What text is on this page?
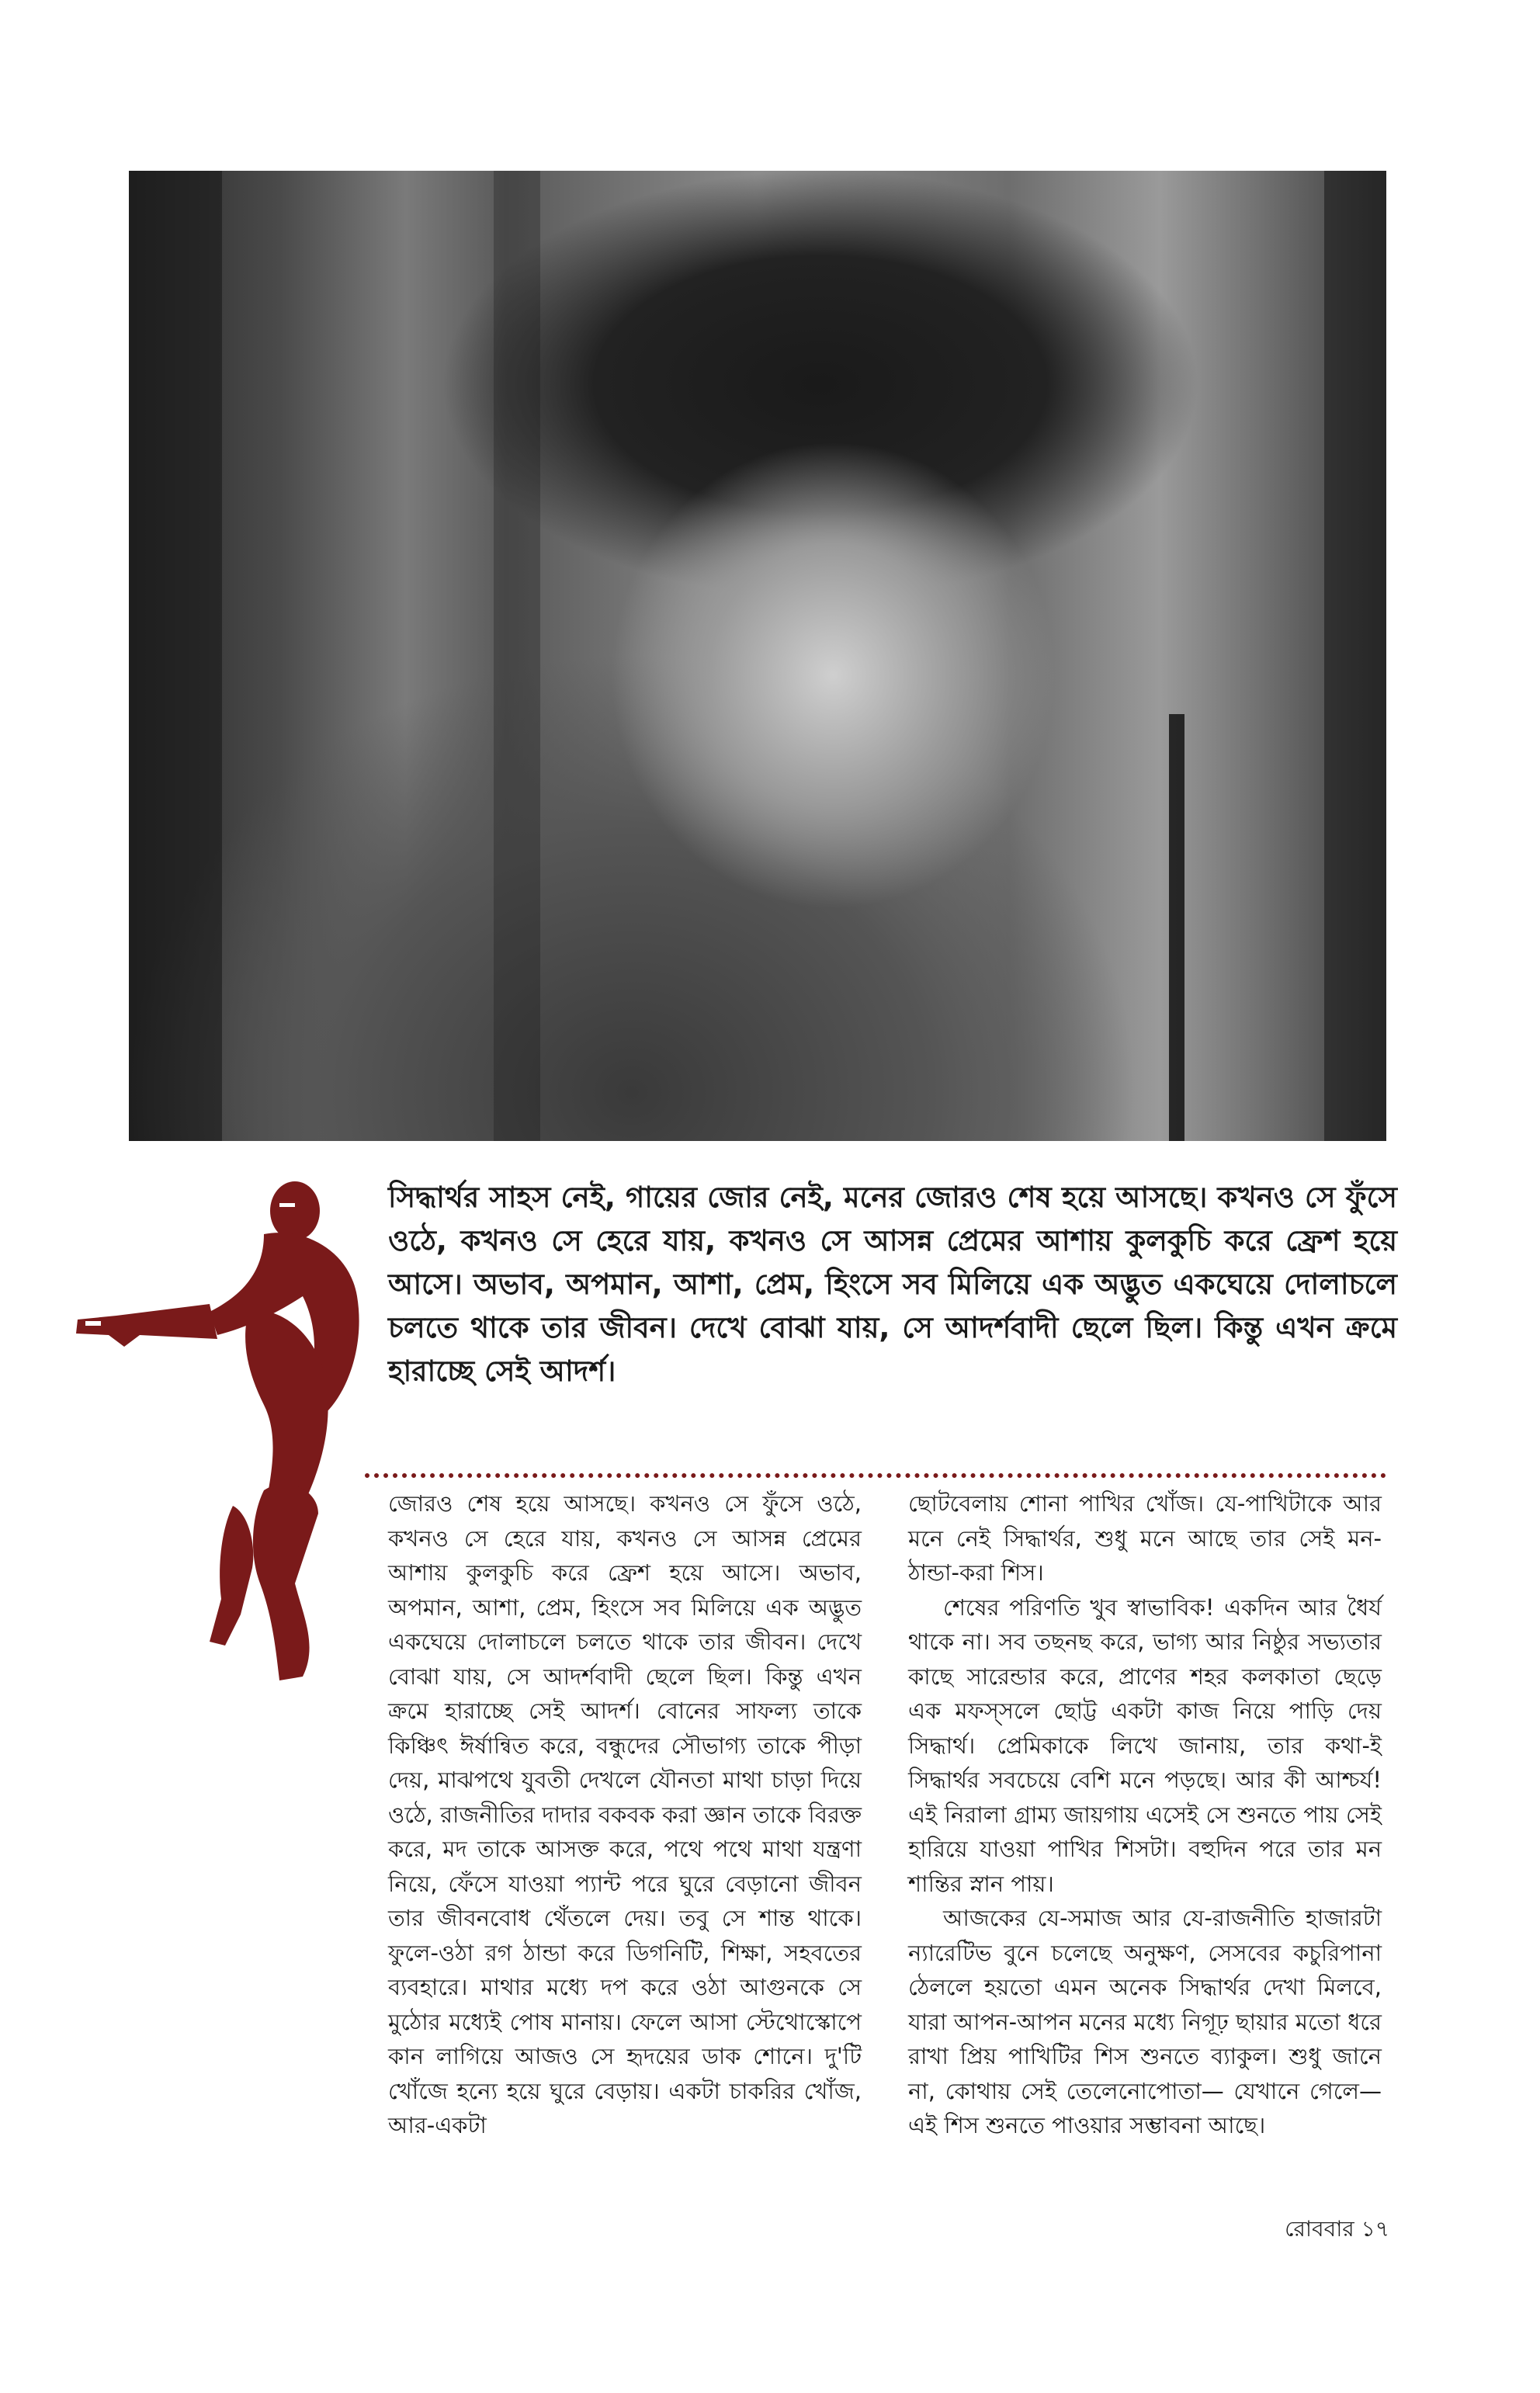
সিদ্ধার্থর সাহস নেই, গায়ের জোর নেই, মনের জোরও শেষ হয়ে আসছে। কখনও সে ফুঁসে ওঠে, কখনও সে হেরে যায়, কখনও সে আসন্ন প্রেমের আশায় কুলকুচি করে ফ্রেশ হয়ে আসে। অভাব, অপমান, আশা, প্রেম, হিংসে সব মিলিয়ে এক অদ্ভুত একঘেয়ে দোলাচলে চলতে থাকে তার জীবন। দেখে বোঝা যায়, সে আদর্শবাদী ছেলে ছিল। কিন্তু এখন ক্রমে হারাচ্ছে সেই আদর্শ।

জোরও শেষ হয়ে আসছে। কখনও সে ফুঁসে ওঠে, কখনও সে হেরে যায়, কখনও সে আসন্ন প্রেমের আশায় কুলকুচি করে ফ্রেশ হয়ে আসে। অভাব, অপমান, আশা, প্রেম, হিংসে সব মিলিয়ে এক অদ্ভুত একঘেয়ে দোলাচলে চলতে থাকে তার জীবন। দেখে বোঝা যায়, সে আদর্শবাদী ছেলে ছিল। কিন্তু এখন ক্রমে হারাচ্ছে সেই আদর্শ। বোনের সাফল্য তাকে কিঞ্চিৎ ঈর্ষান্বিত করে, বন্ধুদের সৌভাগ্য তাকে পীড়া দেয়, মাঝপথে যুবতী দেখলে যৌনতা মাথা চাড়া দিয়ে ওঠে, রাজনীতির দাদার বকবক করা জ্ঞান তাকে বিরক্ত করে, মদ তাকে আসক্ত করে, পথে পথে মাথা যন্ত্রণা নিয়ে, ফেঁসে যাওয়া প্যান্ট পরে ঘুরে বেড়ানো জীবন তার জীবনবোধ থেঁতলে দেয়। তবু সে শান্ত থাকে। ফুলে-ওঠা রগ ঠান্ডা করে ডিগনিটি, শিক্ষা, সহবতের ব্যবহারে। মাথার মধ্যে দপ করে ওঠা আগুনকে সে মুঠোর মধ্যেই পোষ মানায়। ফেলে আসা স্টেথোস্কোপে কান লাগিয়ে আজও সে হৃদয়ের ডাক শোনে। দু'টি খোঁজে হন্যে হয়ে ঘুরে বেড়ায়। একটা চাকরির খোঁজ, আর-একটা

ছোটবেলায় শোনা পাখির খোঁজ। যে-পাখিটাকে আর মনে নেই সিদ্ধার্থর, শুধু মনে আছে তার সেই মন-ঠান্ডা-করা শিস।

শেষের পরিণতি খুব স্বাভাবিক! একদিন আর ধৈর্য থাকে না। সব তছনছ করে, ভাগ্য আর নিষ্ঠুর সভ্যতার কাছে সারেন্ডার করে, প্রাণের শহর কলকাতা ছেড়ে এক মফস্‌সলে ছোট্ট একটা কাজ নিয়ে পাড়ি দেয় সিদ্ধার্থ। প্রেমিকাকে লিখে জানায়, তার কথা-ই সিদ্ধার্থর সবচেয়ে বেশি মনে পড়ছে। আর কী আশ্চর্য! এই নিরালা গ্রাম্য জায়গায় এসেই সে শুনতে পায় সেই হারিয়ে যাওয়া পাখির শিসটা। বহুদিন পরে তার মন শান্তির স্নান পায়।

আজকের যে-সমাজ আর যে-রাজনীতি হাজারটা ন্যারেটিভ বুনে চলেছে অনুক্ষণ, সেসবের কচুরিপানা ঠেললে হয়তো এমন অনেক সিদ্ধার্থর দেখা মিলবে, যারা আপন-আপন মনের মধ্যে নিগূঢ় ছায়ার মতো ধরে রাখা প্রিয় পাখিটির শিস শুনতে ব্যাকুল। শুধু জানে না, কোথায় সেই তেলেনোপোতা— যেখানে গেলে— এই শিস শুনতে পাওয়ার সম্ভাবনা আছে।

রোববার ১৭
